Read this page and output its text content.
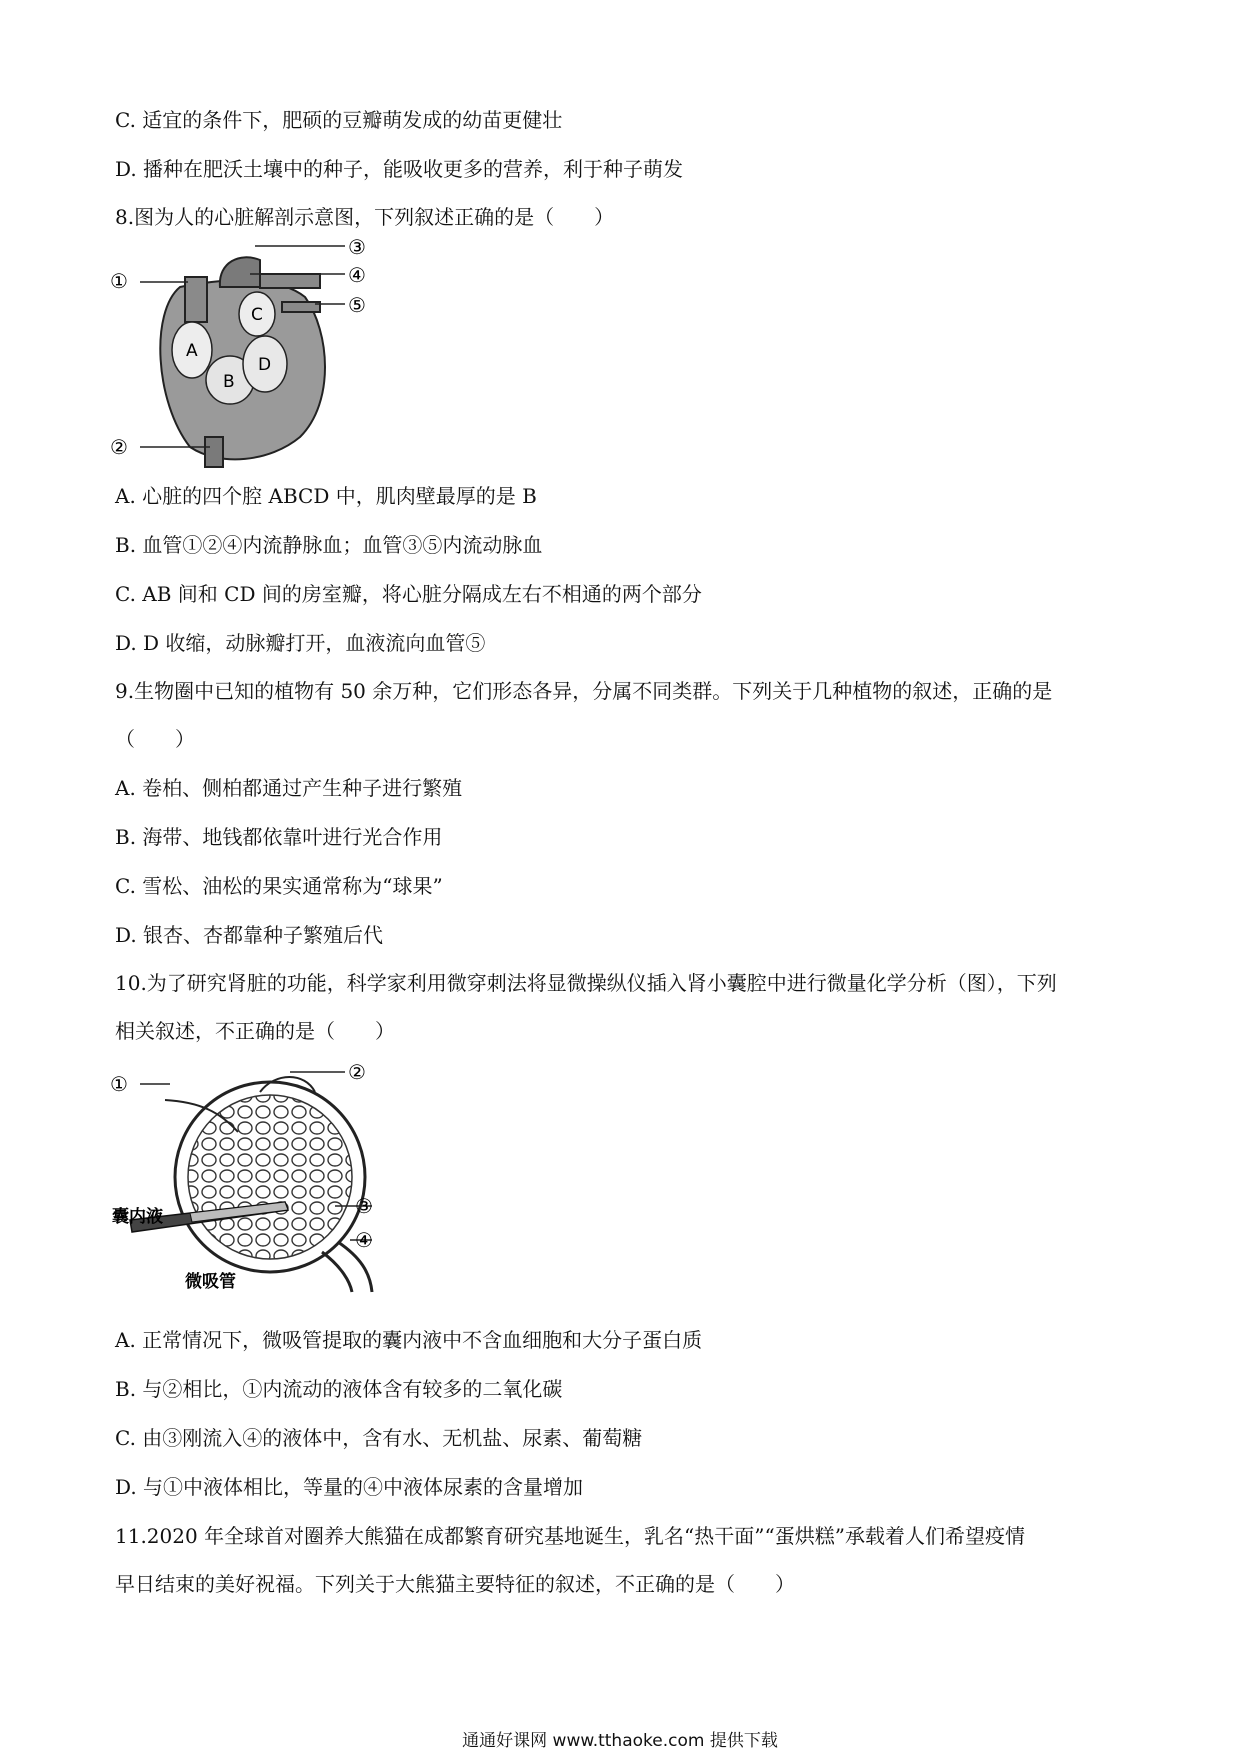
C. 适宜的条件下，肥硕的豆瓣萌发成的幼苗更健壮
D. 播种在肥沃土壤中的种子，能吸收更多的营养，利于种子萌发
8.图为人的心脏解剖示意图，下列叙述正确的是（　　）
A
B
C
D
①
②
③
④
⑤
A. 心脏的四个腔 ABCD 中，肌肉壁最厚的是 B
B. 血管①②④内流静脉血；血管③⑤内流动脉血
C. AB 间和 CD 间的房室瓣，将心脏分隔成左右不相通的两个部分
D. D 收缩，动脉瓣打开，血液流向血管⑤
9.生物圈中已知的植物有 50 余万种，它们形态各异，分属不同类群。下列关于几种植物的叙述，正确的是
（　　）
A. 卷柏、侧柏都通过产生种子进行繁殖
B. 海带、地钱都依靠叶进行光合作用
C. 雪松、油松的果实通常称为“球果”
D. 银杏、杏都靠种子繁殖后代
10.为了研究肾脏的功能，科学家利用微穿刺法将显微操纵仪插入肾小囊腔中进行微量化学分析（图），下列
相关叙述，不正确的是（　　）
①	②
③
④
囊内液
微吸管
A. 正常情况下，微吸管提取的囊内液中不含血细胞和大分子蛋白质
B. 与②相比，①内流动的液体含有较多的二氧化碳
C. 由③刚流入④的液体中，含有水、无机盐、尿素、葡萄糖
D. 与①中液体相比，等量的④中液体尿素的含量增加
11.2020 年全球首对圈养大熊猫在成都繁育研究基地诞生，乳名“热干面”“蛋烘糕”承载着人们希望疫情
早日结束的美好祝福。下列关于大熊猫主要特征的叙述，不正确的是（　　）
通通好课网 www.tthaoke.com 提供下载
